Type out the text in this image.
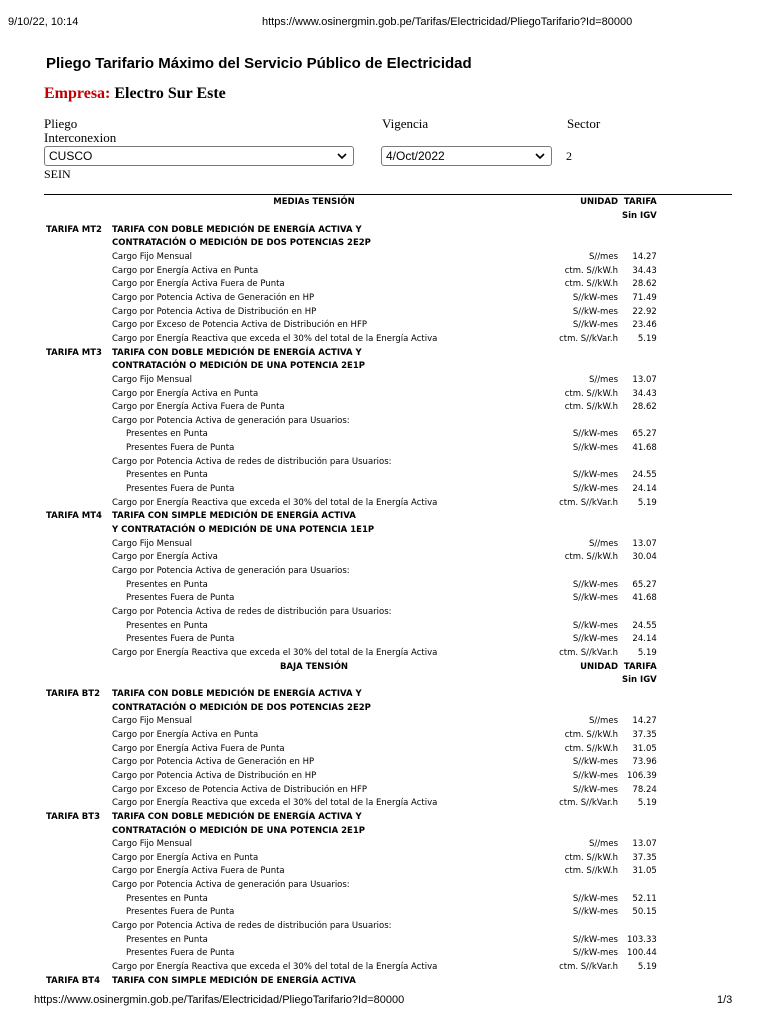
9/10/22, 10:14	https://www.osinergmin.gob.pe/Tarifas/Electricidad/PliegoTarifario?Id=80000
Pliego Tarifario Máximo del Servicio Público de Electricidad
Empresa: Electro Sur Este
Pliego
Interconexion
CUSCO
SEIN
Vigencia
4/Oct/2022
Sector
2
	MEDIAs TENSIÓN	UNIDAD	TARIFA
			Sin IGV
TARIFA MT2	TARIFA CON DOBLE MEDICIÓN DE ENERGÍA ACTIVA Y		
	CONTRATACIÓN O MEDICIÓN DE DOS POTENCIAS 2E2P		
	Cargo Fijo Mensual	S//mes	14.27
	Cargo por Energía Activa en Punta	ctm. S//kW.h	34.43
	Cargo por Energía Activa Fuera de Punta	ctm. S//kW.h	28.62
	Cargo por Potencia Activa de Generación en HP	S//kW-mes	71.49
	Cargo por Potencia Activa de Distribución en HP	S//kW-mes	22.92
	Cargo por Exceso de Potencia Activa de Distribución en HFP	S//kW-mes	23.46
	Cargo por Energía Reactiva que exceda el 30% del total de la Energía Activa	ctm. S//kVar.h	5.19
TARIFA MT3	TARIFA CON DOBLE MEDICIÓN DE ENERGÍA ACTIVA Y		
	CONTRATACIÓN O MEDICIÓN DE UNA POTENCIA 2E1P		
	Cargo Fijo Mensual	S//mes	13.07
	Cargo por Energía Activa en Punta	ctm. S//kW.h	34.43
	Cargo por Energía Activa Fuera de Punta	ctm. S//kW.h	28.62
	Cargo por Potencia Activa de generación para Usuarios:		
	Presentes en Punta	S//kW-mes	65.27
	Presentes Fuera de Punta	S//kW-mes	41.68
	Cargo por Potencia Activa de redes de distribución para Usuarios:		
	Presentes en Punta	S//kW-mes	24.55
	Presentes Fuera de Punta	S//kW-mes	24.14
	Cargo por Energía Reactiva que exceda el 30% del total de la Energía Activa	ctm. S//kVar.h	5.19
TARIFA MT4	TARIFA CON SIMPLE MEDICIÓN DE ENERGÍA ACTIVA		
	Y CONTRATACIÓN O MEDICIÓN DE UNA POTENCIA 1E1P		
	Cargo Fijo Mensual	S//mes	13.07
	Cargo por Energía Activa	ctm. S//kW.h	30.04
	Cargo por Potencia Activa de generación para Usuarios:		
	Presentes en Punta	S//kW-mes	65.27
	Presentes Fuera de Punta	S//kW-mes	41.68
	Cargo por Potencia Activa de redes de distribución para Usuarios:		
	Presentes en Punta	S//kW-mes	24.55
	Presentes Fuera de Punta	S//kW-mes	24.14
	Cargo por Energía Reactiva que exceda el 30% del total de la Energía Activa	ctm. S//kVar.h	5.19
	BAJA TENSIÓN	UNIDAD	TARIFA
			Sin IGV
TARIFA BT2	TARIFA CON DOBLE MEDICIÓN DE ENERGÍA ACTIVA Y		
	CONTRATACIÓN O MEDICIÓN DE DOS POTENCIAS 2E2P		
	Cargo Fijo Mensual	S//mes	14.27
	Cargo por Energía Activa en Punta	ctm. S//kW.h	37.35
	Cargo por Energía Activa Fuera de Punta	ctm. S//kW.h	31.05
	Cargo por Potencia Activa de Generación en HP	S//kW-mes	73.96
	Cargo por Potencia Activa de Distribución en HP	S//kW-mes	106.39
	Cargo por Exceso de Potencia Activa de Distribución en HFP	S//kW-mes	78.24
	Cargo por Energía Reactiva que exceda el 30% del total de la Energía Activa	ctm. S//kVar.h	5.19
TARIFA BT3	TARIFA CON DOBLE MEDICIÓN DE ENERGÍA ACTIVA Y		
	CONTRATACIÓN O MEDICIÓN DE UNA POTENCIA 2E1P		
	Cargo Fijo Mensual	S//mes	13.07
	Cargo por Energía Activa en Punta	ctm. S//kW.h	37.35
	Cargo por Energía Activa Fuera de Punta	ctm. S//kW.h	31.05
	Cargo por Potencia Activa de generación para Usuarios:		
	Presentes en Punta	S//kW-mes	52.11
	Presentes Fuera de Punta	S//kW-mes	50.15
	Cargo por Potencia Activa de redes de distribución para Usuarios:		
	Presentes en Punta	S//kW-mes	103.33
	Presentes Fuera de Punta	S//kW-mes	100.44
	Cargo por Energía Reactiva que exceda el 30% del total de la Energía Activa	ctm. S//kVar.h	5.19
TARIFA BT4	TARIFA CON SIMPLE MEDICIÓN DE ENERGÍA ACTIVA		
https://www.osinergmin.gob.pe/Tarifas/Electricidad/PliegoTarifario?Id=80000	1/3
